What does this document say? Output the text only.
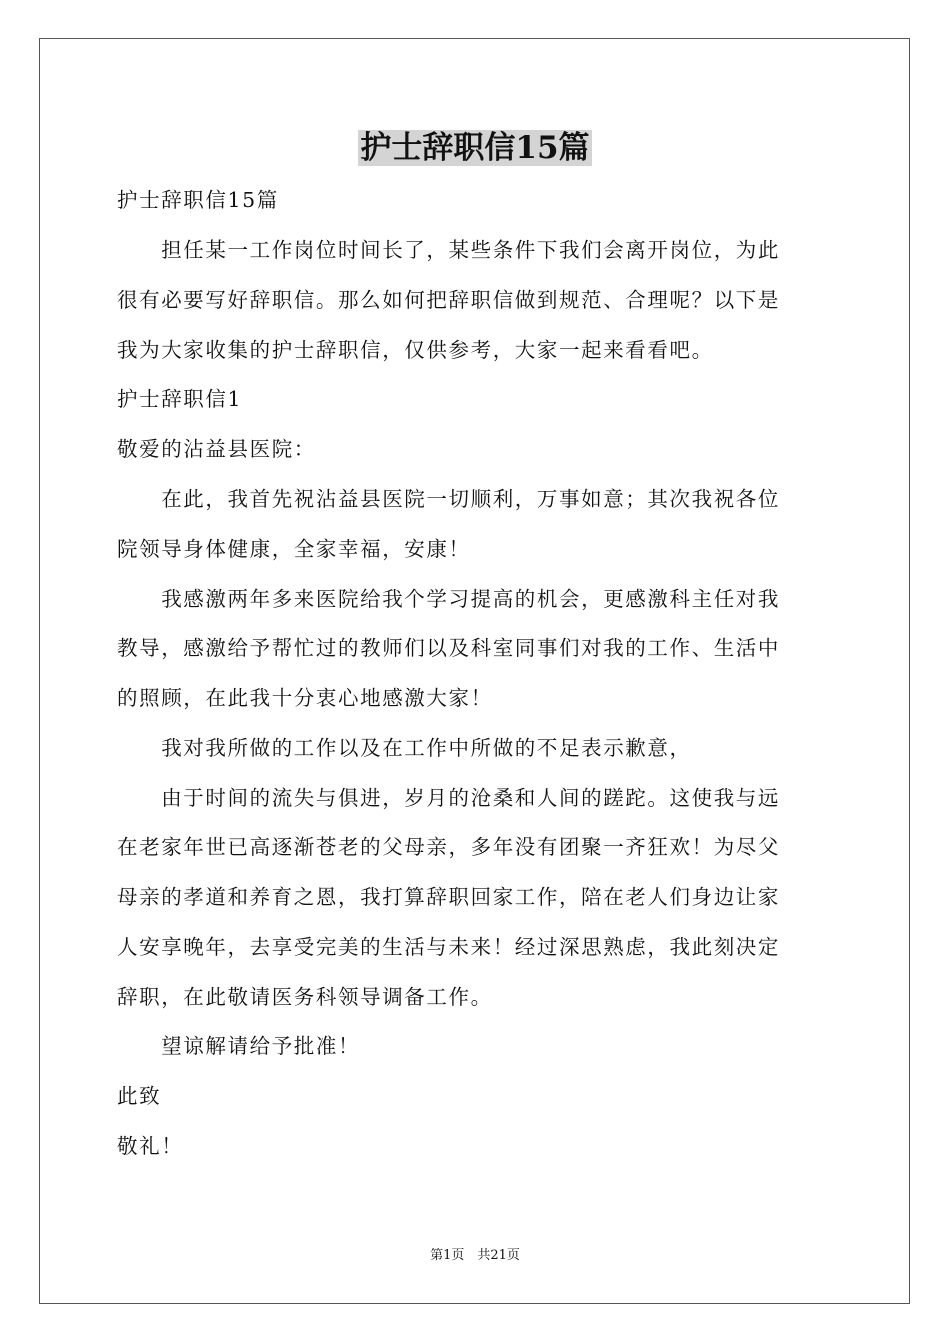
护士辞职信15篇
护士辞职信15篇
　　担任某一工作岗位时间长了，某些条件下我们会离开岗位，为此
很有必要写好辞职信。那么如何把辞职信做到规范、合理呢？以下是
我为大家收集的护士辞职信，仅供参考，大家一起来看看吧。
护士辞职信1
敬爱的沾益县医院：
　　在此，我首先祝沾益县医院一切顺利，万事如意；其次我祝各位
院领导身体健康，全家幸福，安康！
　　我感激两年多来医院给我个学习提高的机会，更感激科主任对我
教导，感激给予帮忙过的教师们以及科室同事们对我的工作、生活中
的照顾，在此我十分衷心地感激大家！
　　我对我所做的工作以及在工作中所做的不足表示歉意，
　　由于时间的流失与俱进，岁月的沧桑和人间的蹉跎。这使我与远
在老家年世已高逐渐苍老的父母亲，多年没有团聚一齐狂欢！为尽父
母亲的孝道和养育之恩，我打算辞职回家工作，陪在老人们身边让家
人安享晚年，去享受完美的生活与未来！经过深思熟虑，我此刻决定
辞职，在此敬请医务科领导调备工作。
　　望谅解请给予批准！
此致
敬礼！
第1页　共21页
